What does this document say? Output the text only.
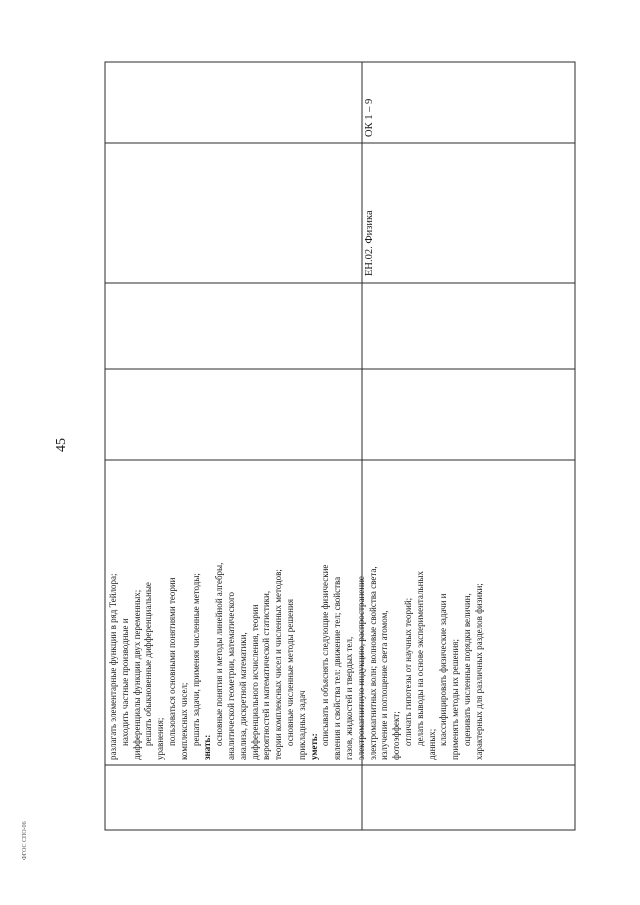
45
ФГОС СПО-06
ЕН.02. Физика
ОК 1 – 9
разлагать элементарные функции в ряд Тейлора; находить частные производные и дифференциалы функции двух переменных; решать обыкновенные дифференциальные уравнения; пользоваться основными понятиями теории комплексных чисел; решать задачи, применяя численные методы;
знать:
основные понятия и методы линейной алгебры, аналитической геометрии, математического анализа, дискретной математики, дифференциального исчисления, теории вероятностей и математической статистики, теории комплексных чисел и численных методов; основные численные методы решения прикладных задач уметь:
описывать и объяснять следующие физические явления и свойства тел: движение тел; свойства газов, жидкостей и твердых тел, электромагнитную индукцию, распространение электромагнитных волн; волновые свойства света, излучение и поглощение света атомом, фотоэффект; отличать гипотезы от научных теорий; делать выводы на основе экспериментальных данных; классифицировать физические задачи и применять методы их решения; оценивать численные порядки величин, характерных для различных разделов физики;
